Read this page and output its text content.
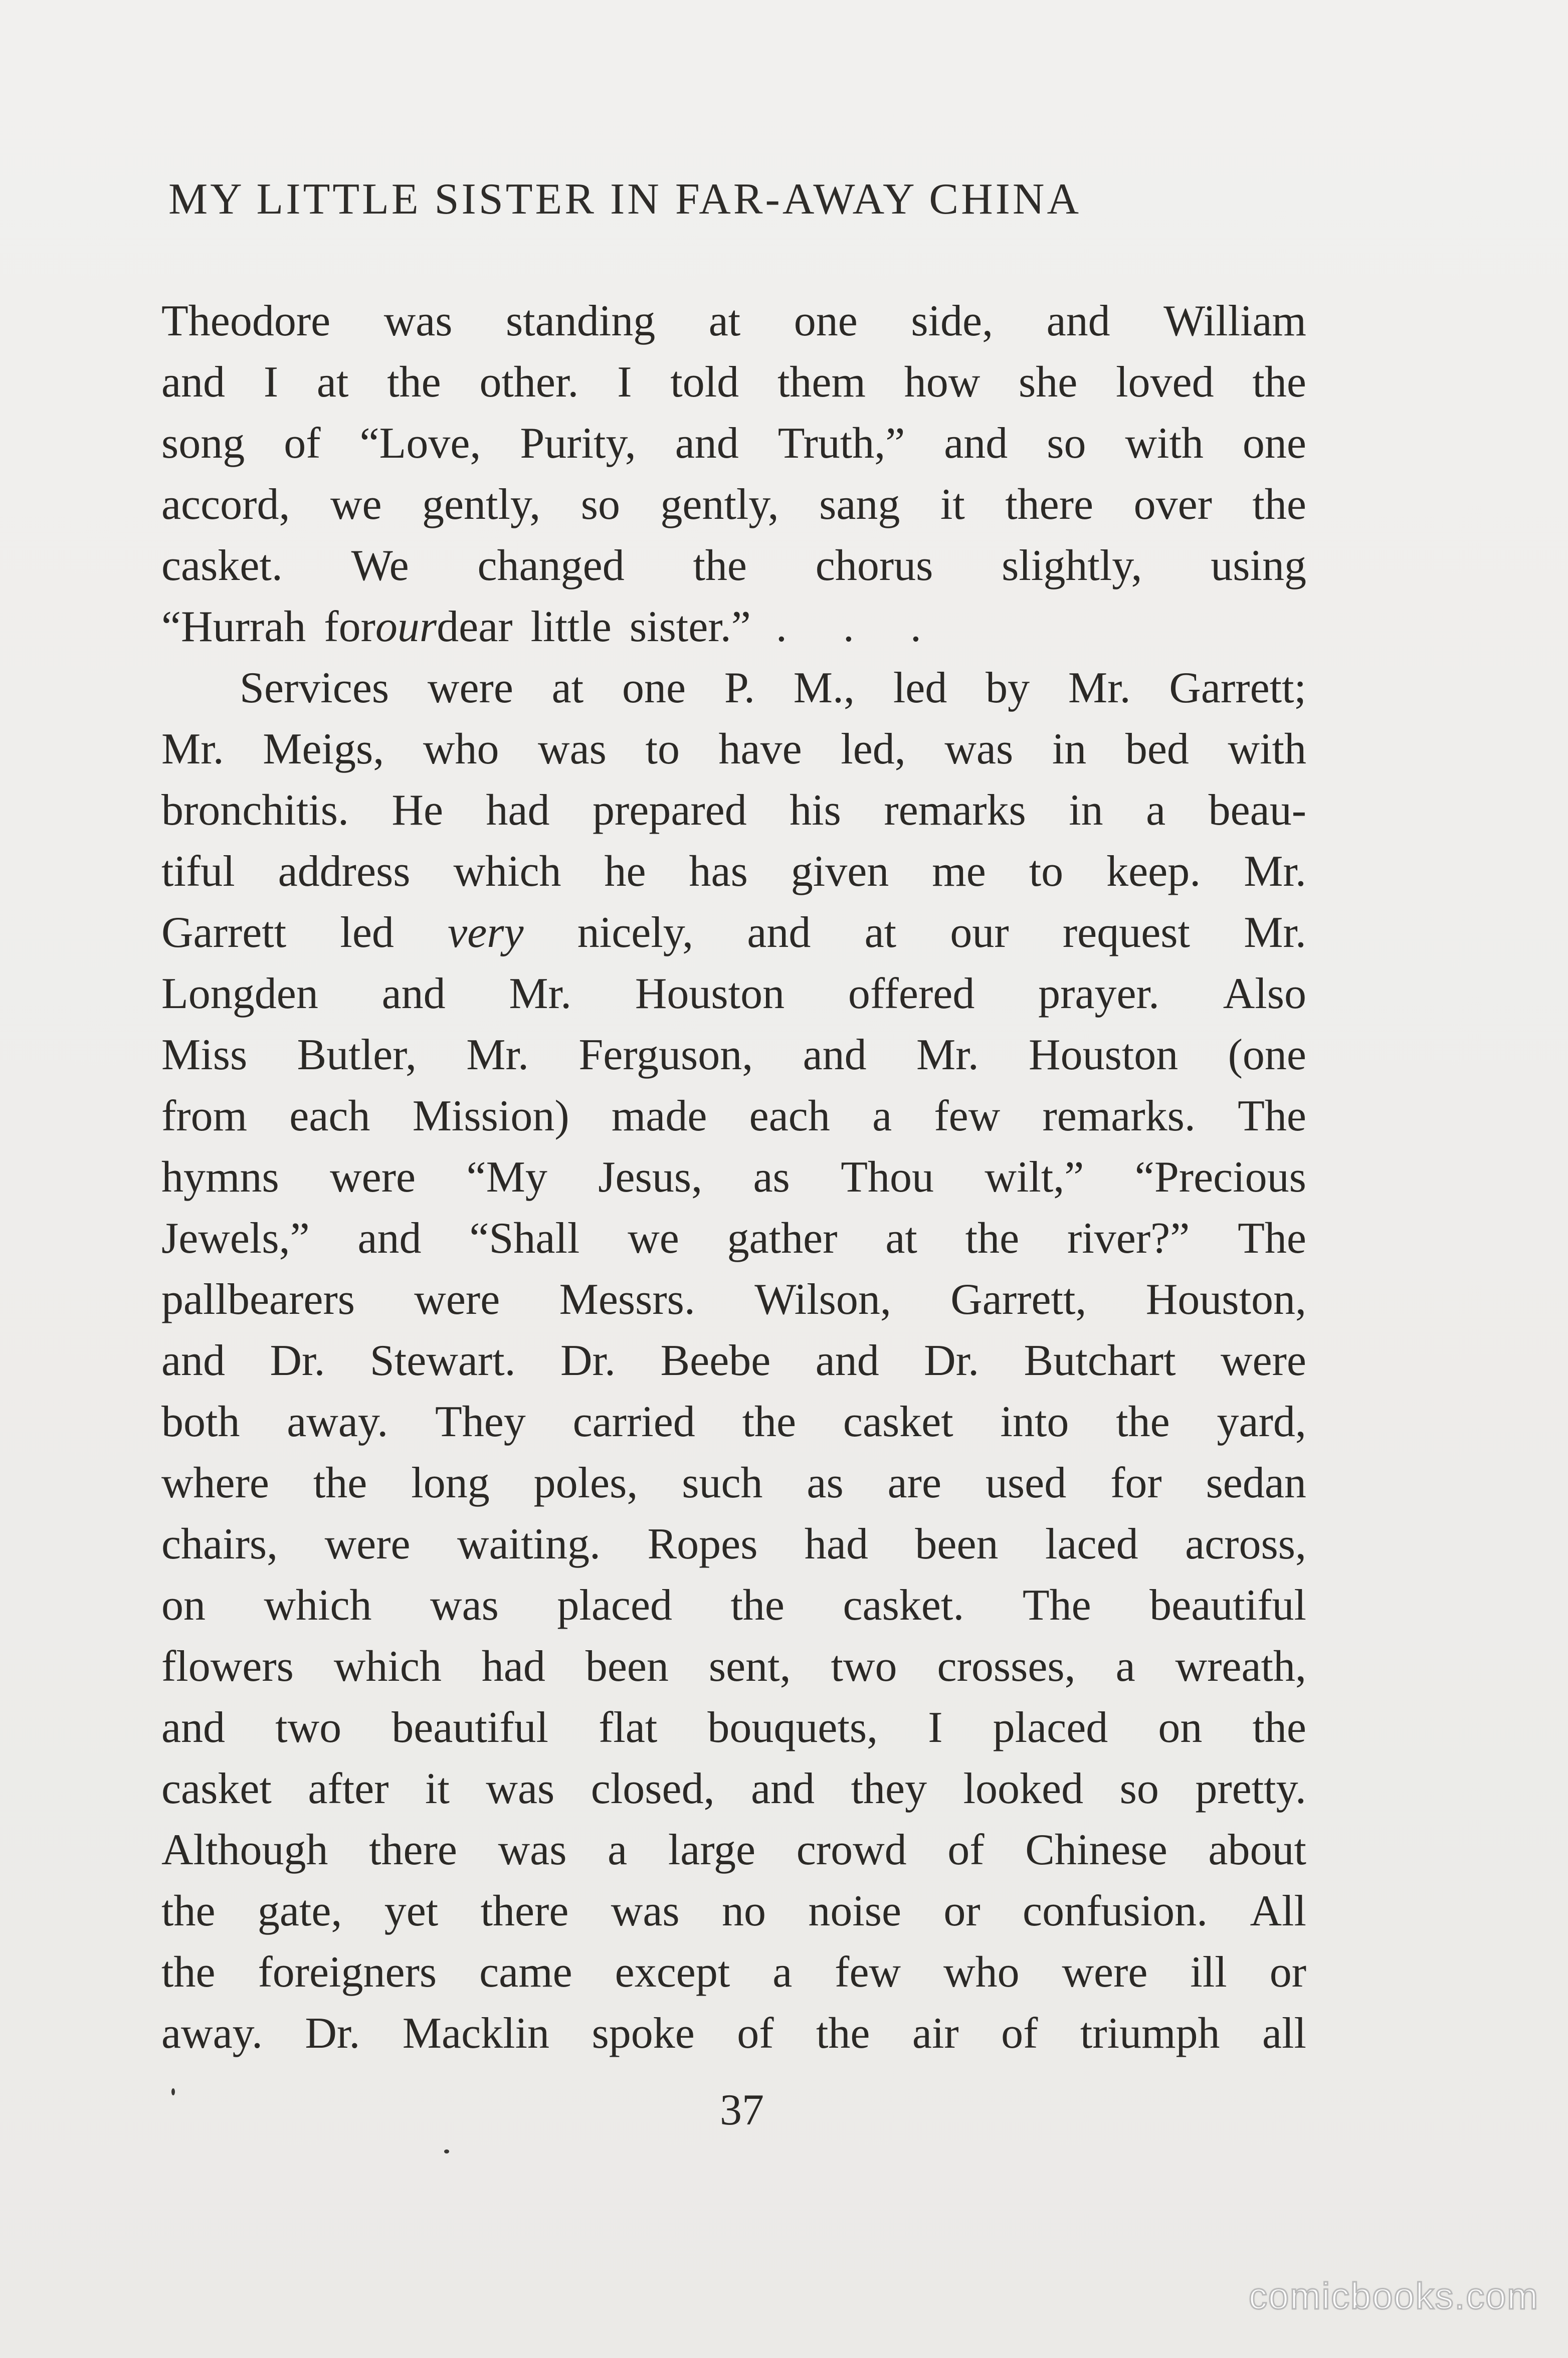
MY LITTLE SISTER IN FAR-AWAY CHINA
Theodore was standing at one side, and William
and I at the other. I told them how she loved the
song of “Love, Purity, and Truth,” and so with one
accord, we gently, so gently, sang it there over the
casket. We changed the chorus slightly, using
“Hurrah for our dear little sister.” . . .
Services were at one P. M., led by Mr. Garrett;
Mr. Meigs, who was to have led, was in bed with
bronchitis. He had prepared his remarks in a beau-
tiful address which he has given me to keep. Mr.
Garrett led very nicely, and at our request Mr.
Longden and Mr. Houston offered prayer. Also
Miss Butler, Mr. Ferguson, and Mr. Houston (one
from each Mission) made each a few remarks. The
hymns were “My Jesus, as Thou wilt,” “Precious
Jewels,” and “Shall we gather at the river?” The
pallbearers were Messrs. Wilson, Garrett, Houston,
and Dr. Stewart. Dr. Beebe and Dr. Butchart were
both away. They carried the casket into the yard,
where the long poles, such as are used for sedan
chairs, were waiting. Ropes had been laced across,
on which was placed the casket. The beautiful
flowers which had been sent, two crosses, a wreath,
and two beautiful flat bouquets, I placed on the
casket after it was closed, and they looked so pretty.
Although there was a large crowd of Chinese about
the gate, yet there was no noise or confusion. All
the foreigners came except a few who were ill or
away. Dr. Macklin spoke of the air of triumph all
37
comicbooks.com
